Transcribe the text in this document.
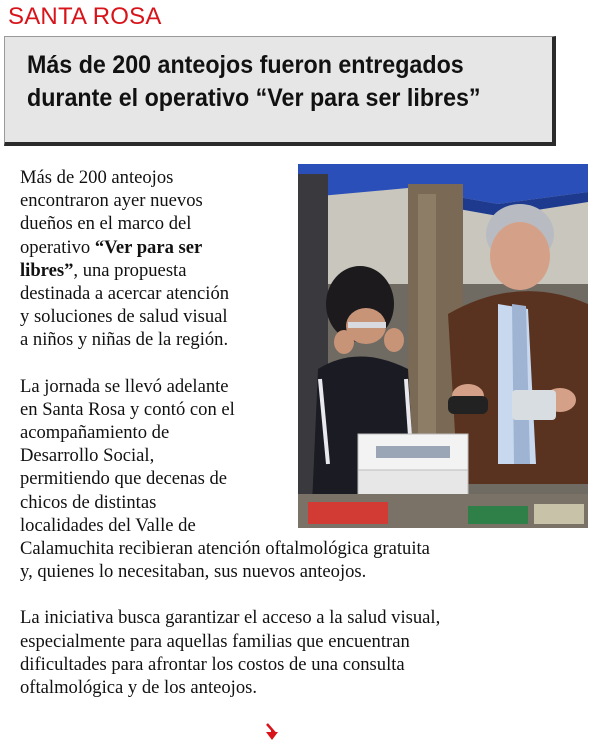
SANTA ROSA
Más de 200 anteojos fueron entregados
durante el operativo “Ver para ser libres”

Más de 200 anteojos
encontraron ayer nuevos
dueños en el marco del
operativo “Ver para ser
libres”, una propuesta
destinada a acercar atención
y soluciones de salud visual
a niños y niñas de la región.

La jornada se llevó adelante
en Santa Rosa y contó con el
acompañamiento de
Desarrollo Social,
permitiendo que decenas de
chicos de distintas
localidades del Valle de
Calamuchita recibieran atención oftalmológica gratuita
y, quienes lo necesitaban, sus nuevos anteojos.

La iniciativa busca garantizar el acceso a la salud visual,
especialmente para aquellas familias que encuentran
dificultades para afrontar los costos de una consulta
oftalmológica y de los anteojos.
